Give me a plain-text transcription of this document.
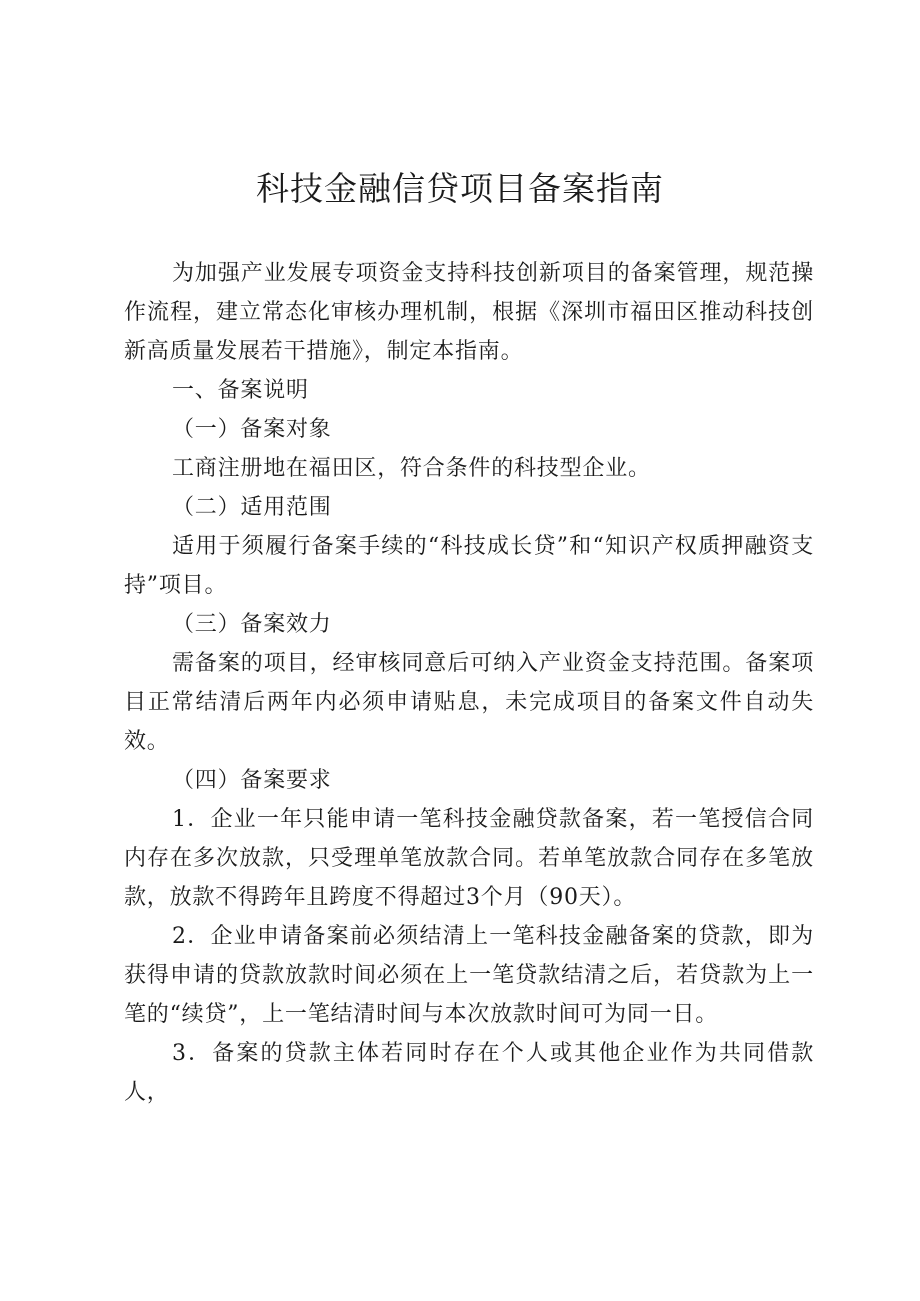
科技金融信贷项目备案指南

为加强产业发展专项资金支持科技创新项目的备案管理，规范操作流程，建立常态化审核办理机制，根据《深圳市福田区推动科技创新高质量发展若干措施》，制定本指南。

一、备案说明

（一）备案对象

工商注册地在福田区，符合条件的科技型企业。

（二）适用范围

适用于须履行备案手续的“科技成长贷”和“知识产权质押融资支持”项目。

（三）备案效力

需备案的项目，经审核同意后可纳入产业资金支持范围。备案项目正常结清后两年内必须申请贴息，未完成项目的备案文件自动失效。

（四）备案要求

1．企业一年只能申请一笔科技金融贷款备案，若一笔授信合同内存在多次放款，只受理单笔放款合同。若单笔放款合同存在多笔放款，放款不得跨年且跨度不得超过3个月（90天）。

2．企业申请备案前必须结清上一笔科技金融备案的贷款，即为获得申请的贷款放款时间必须在上一笔贷款结清之后，若贷款为上一笔的“续贷”，上一笔结清时间与本次放款时间可为同一日。

3．备案的贷款主体若同时存在个人或其他企业作为共同借款人，
